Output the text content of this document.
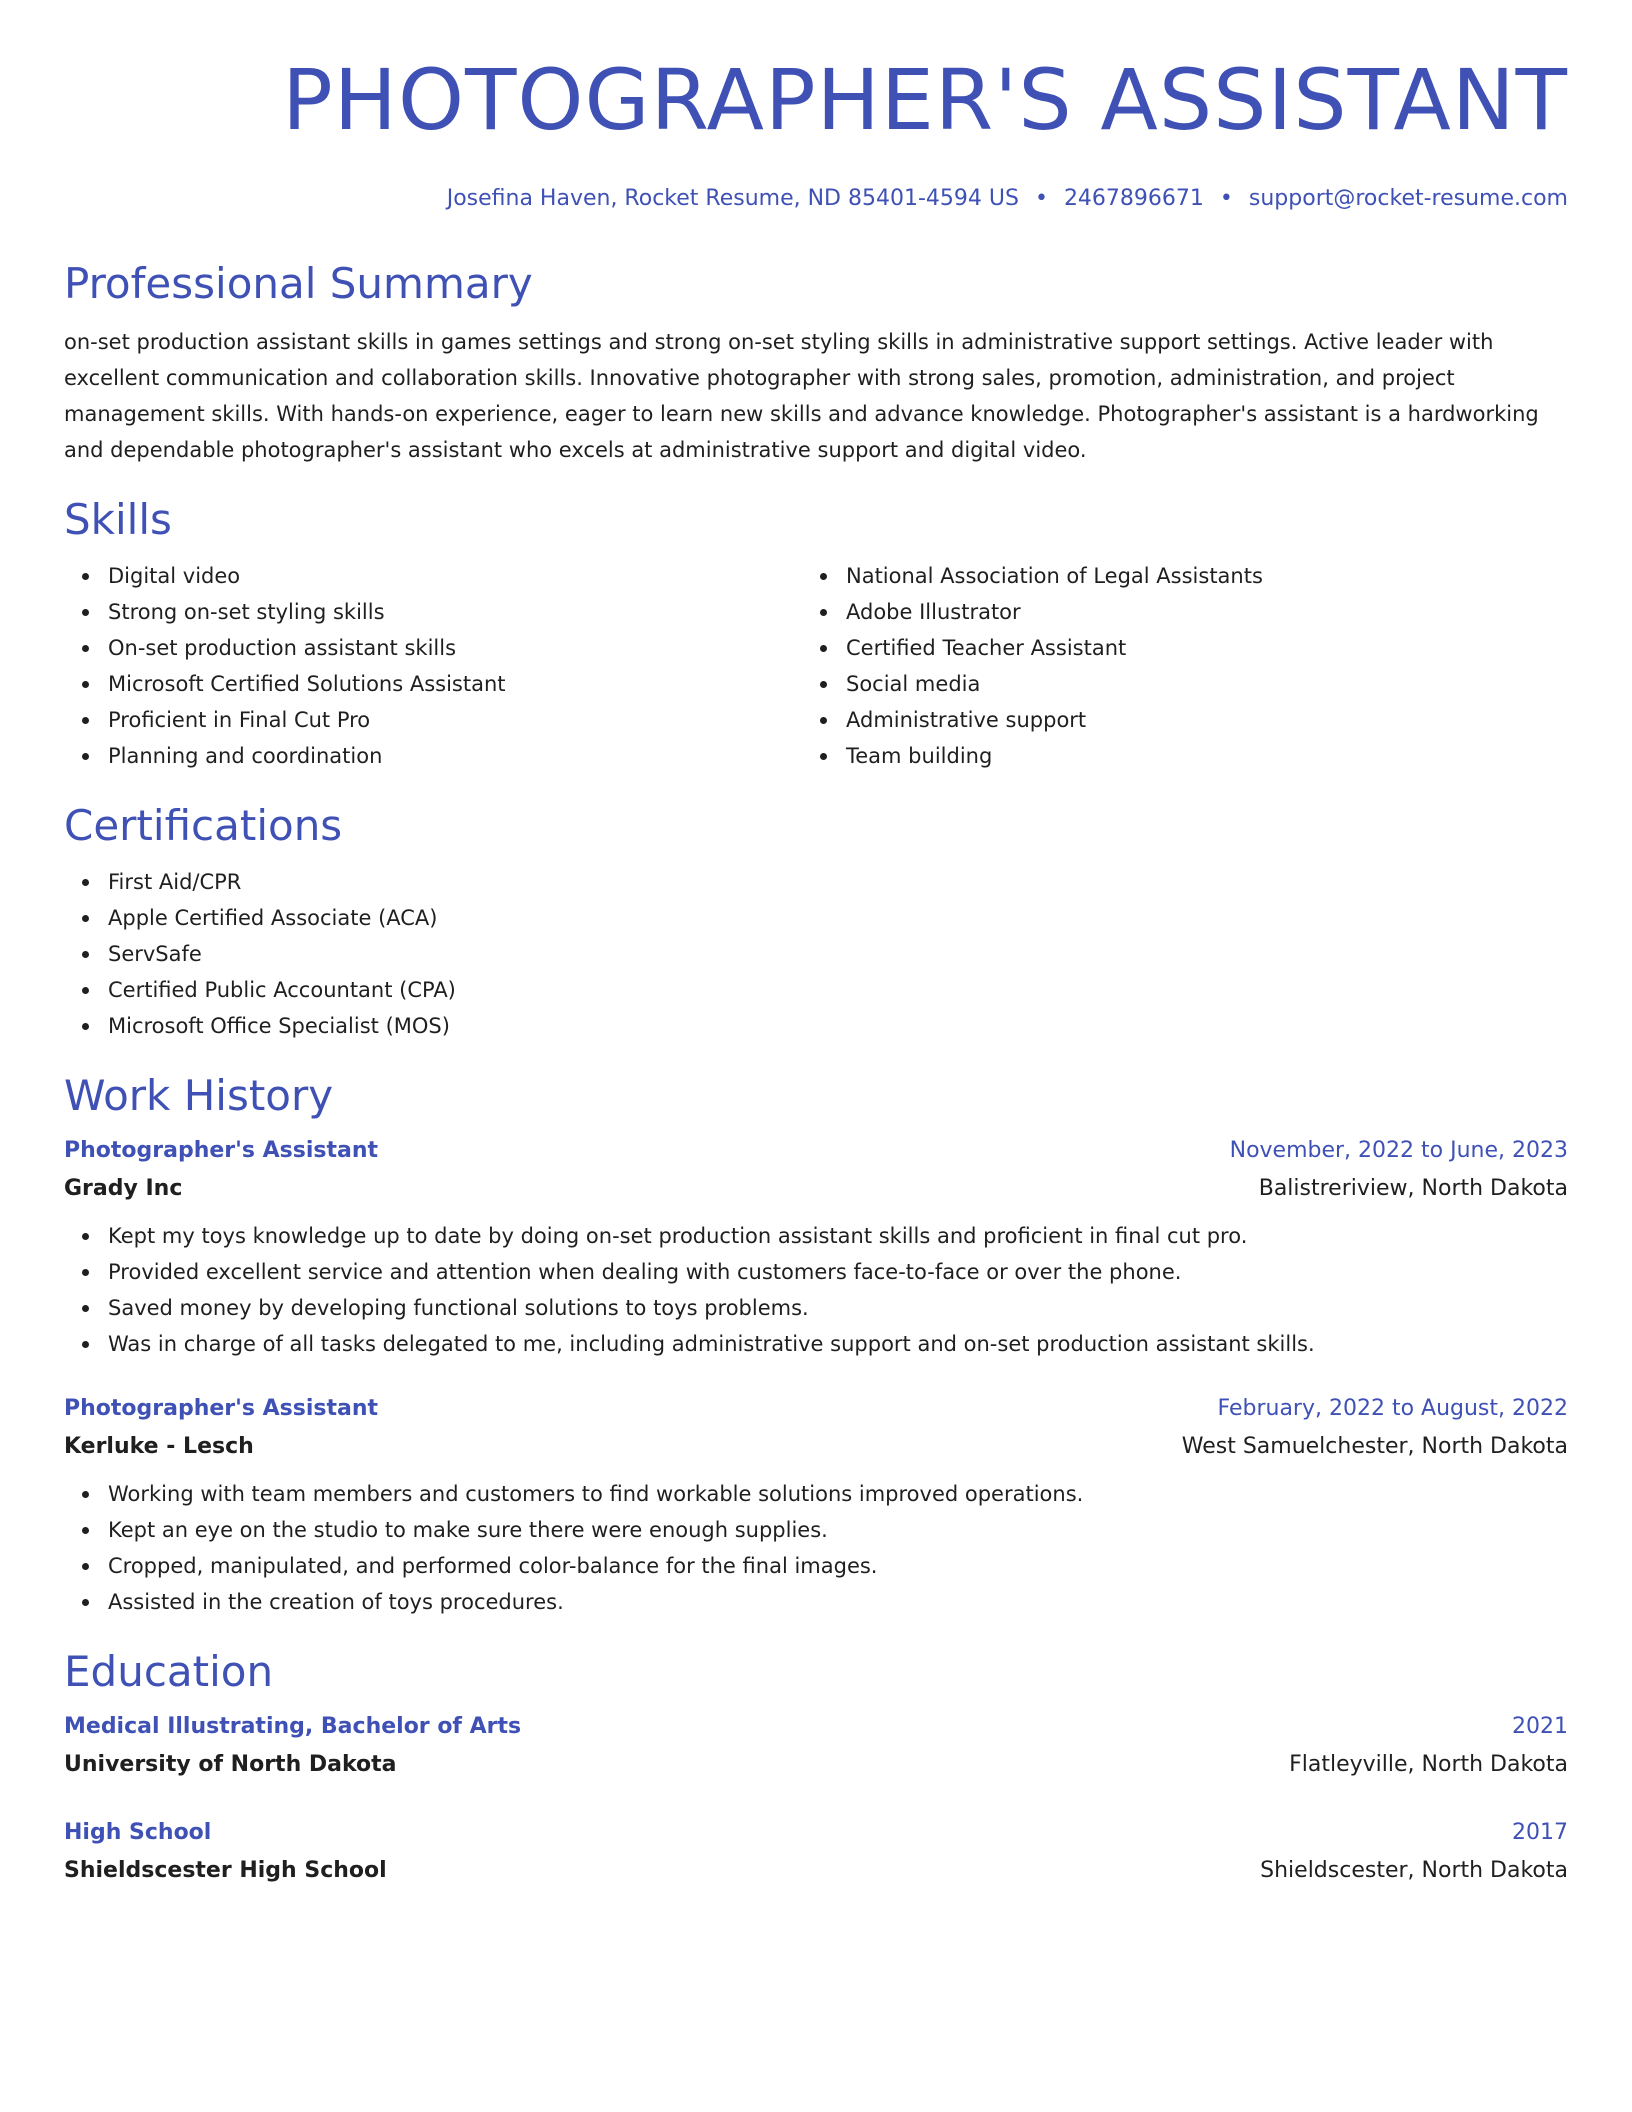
PHOTOGRAPHER'S ASSISTANT
Josefina Haven, Rocket Resume, ND 85401-4594 US • 2467896671 • support@rocket-resume.com
Professional Summary

on-set production assistant skills in games settings and strong on-set styling skills in administrative support settings. Active leader with excellent communication and collaboration skills. Innovative photographer with strong sales, promotion, administration, and project management skills. With hands-on experience, eager to learn new skills and advance knowledge. Photographer's assistant is a hardworking and dependable photographer's assistant who excels at administrative support and digital video.

Skills
Digital video
Strong on-set styling skills
On-set production assistant skills
Microsoft Certified Solutions Assistant
Proficient in Final Cut Pro
Planning and coordination
National Association of Legal Assistants
Adobe Illustrator
Certified Teacher Assistant
Social media
Administrative support
Team building
Certifications
First Aid/CPR
Apple Certified Associate (ACA)
ServSafe
Certified Public Accountant (CPA)
Microsoft Office Specialist (MOS)
Work History
Photographer's Assistant	November, 2022 to June, 2023
Grady Inc	Balistreriview, North Dakota
Kept my toys knowledge up to date by doing on-set production assistant skills and proficient in final cut pro.
Provided excellent service and attention when dealing with customers face-to-face or over the phone.
Saved money by developing functional solutions to toys problems.
Was in charge of all tasks delegated to me, including administrative support and on-set production assistant skills.
Photographer's Assistant	February, 2022 to August, 2022
Kerluke - Lesch	West Samuelchester, North Dakota
Working with team members and customers to find workable solutions improved operations.
Kept an eye on the studio to make sure there were enough supplies.
Cropped, manipulated, and performed color-balance for the final images.
Assisted in the creation of toys procedures.
Education
Medical Illustrating, Bachelor of Arts	2021
University of North Dakota	Flatleyville, North Dakota
High School	2017
Shieldscester High School	Shieldscester, North Dakota
